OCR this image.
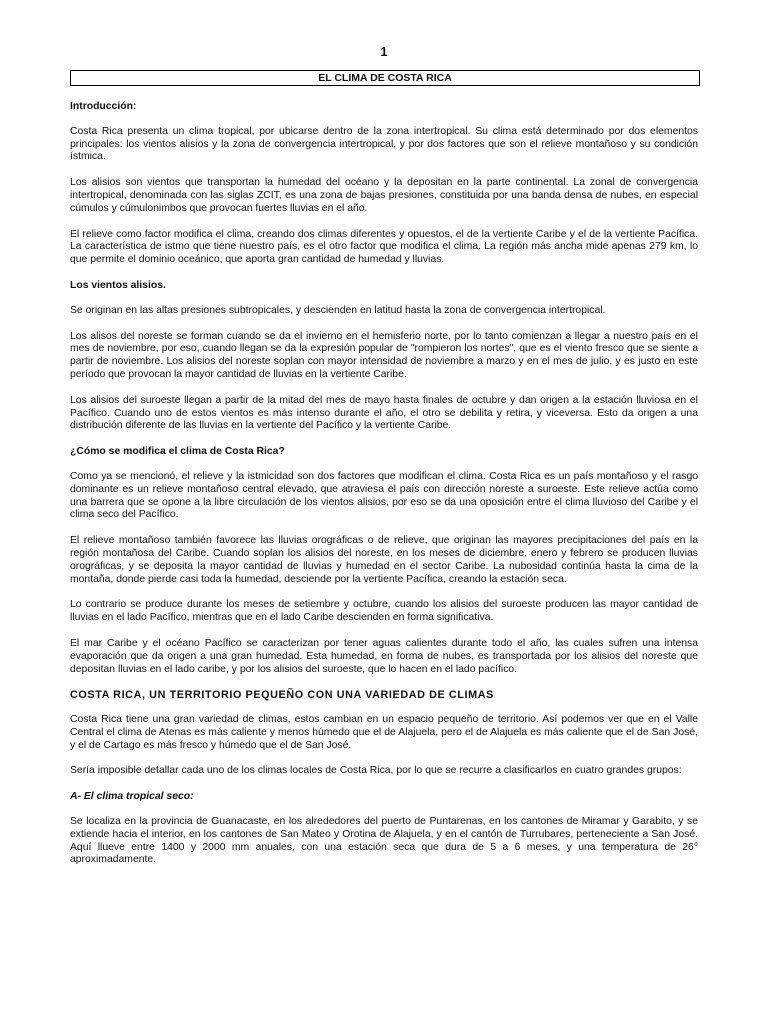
1
EL CLIMA DE COSTA RICA

Introducción:

Costa Rica presenta un clima tropical, por ubicarse dentro de la zona intertropical. Su clima está determinado por dos elementos principales: los vientos alisios y la zona de convergencia intertropical, y por dos factores que son el relieve montañoso y su condición ístmica.

Los alisios son vientos que transportan la humedad del océano y la depositan en la parte continental. La zonal de convergencia intertropical, denominada con las siglas ZCIT, es una zona de bajas presiones, constituida por una banda densa de nubes, en especial cúmulos y cúmulonimbos que provocan fuertes lluvias en el año.

El relieve como factor modifica el clima, creando dos climas diferentes y opuestos, el de la vertiente Caribe y el de la vertiente Pacífica. La característica de istmo que tiene nuestro país, es el otro factor que modifica el clima. La región más ancha mide apenas 279 km, lo que permite el dominio oceánico, que aporta gran cantidad de humedad y lluvias.

Los vientos alisios.

Se originan en las altas presiones subtropicales, y descienden en latitud hasta la zona de convergencia intertropical.

Los alisos del noreste se forman cuando se da el invierno en el hemisferio norte, por lo tanto comienzan a llegar a nuestro país en el mes de noviembre, por eso, cuando llegan se da la expresión popular de "rompieron los nortes", que es el viento fresco que se siente a partir de noviembre. Los alisios del noreste soplan con mayor intensidad de noviembre a marzo y en el mes de julio, y es justo en este período que provocan la mayor cantidad de lluvias en la vertiente Caribe.

Los alisios del suroeste llegan a partir de la mitad del mes de mayo hasta finales de octubre y dan origen a la estación lluviosa en el Pacífico. Cuando uno de estos vientos es más intenso durante el año, el otro se debilita y retira, y viceversa. Esto da origen a una distribución diferente de las lluvias en la vertiente del Pacífico y la vertiente Caribe.

¿Cómo se modifica el clima de Costa Rica?

Como ya se mencionó, el relieve y la istmicidad son dos factores que modifican el clima. Costa Rica es un país montañoso y el rasgo dominante es un relieve montañoso central elevado, que atraviesa el país con dirección noreste a suroeste. Este relieve actúa como una barrera que se opone a la libre circulación de los vientos alisios, por eso se da una oposición entre el clima lluvioso del Caribe y el clima seco del Pacífico.

El relieve montañoso también favorece las lluvias orográficas o de relieve, que originan las mayores precipitaciones del país en la región montañosa del Caribe. Cuando soplan los alisios del noreste, en los meses de diciembre, enero y febrero se producen lluvias orográficas, y se deposita la mayor cantidad de lluvias y humedad en el sector Caribe. La nubosidad continúa hasta la cima de la montaña, donde pierde casi toda la humedad, desciende por la vertiente Pacífica, creando la estación seca.

Lo contrario se produce durante los meses de setiembre y octubre, cuando los alisios del suroeste producen las mayor cantidad de lluvias en el lado Pacífico, mientras que en el lado Caribe descienden en forma significativa.

El mar Caribe y el océano Pacífico se caracterizan por tener aguas calientes durante todo el año, las cuales sufren una intensa evaporación que da origen a una gran humedad. Esta humedad, en forma de nubes, es transportada por los alisios del noreste que depositan lluvias en el lado caribe, y por los alisios del suroeste, que lo hacen en el lado pacífico.

COSTA RICA, UN TERRITORIO PEQUEÑO CON UNA VARIEDAD DE CLIMAS

Costa Rica tiene una gran variedad de climas, estos cambian en un espacio pequeño de territorio. Así podemos ver que en el Valle Central el clima de Atenas es más caliente y menos húmedo que el de Alajuela, pero el de Alajuela es más caliente que el de San José, y el de Cartago es más fresco y húmedo que el de San José.

Sería imposible detallar cada uno de los climas locales de Costa Rica, por lo que se recurre a clasificarlos en cuatro grandes grupos:

A- El clima tropical seco:

Se localiza en la provincia de Guanacaste, en los alrededores del puerto de Puntarenas, en los cantones de Miramar y Garabito, y se extiende hacia el interior, en los cantones de San Mateo y Orotina de Alajuela, y en el cantón de Turrubares, perteneciente a San José. Aquí llueve entre 1400 y 2000 mm anuales, con una estación seca que dura de 5 a 6 meses, y una temperatura de 26° aproximadamente.
